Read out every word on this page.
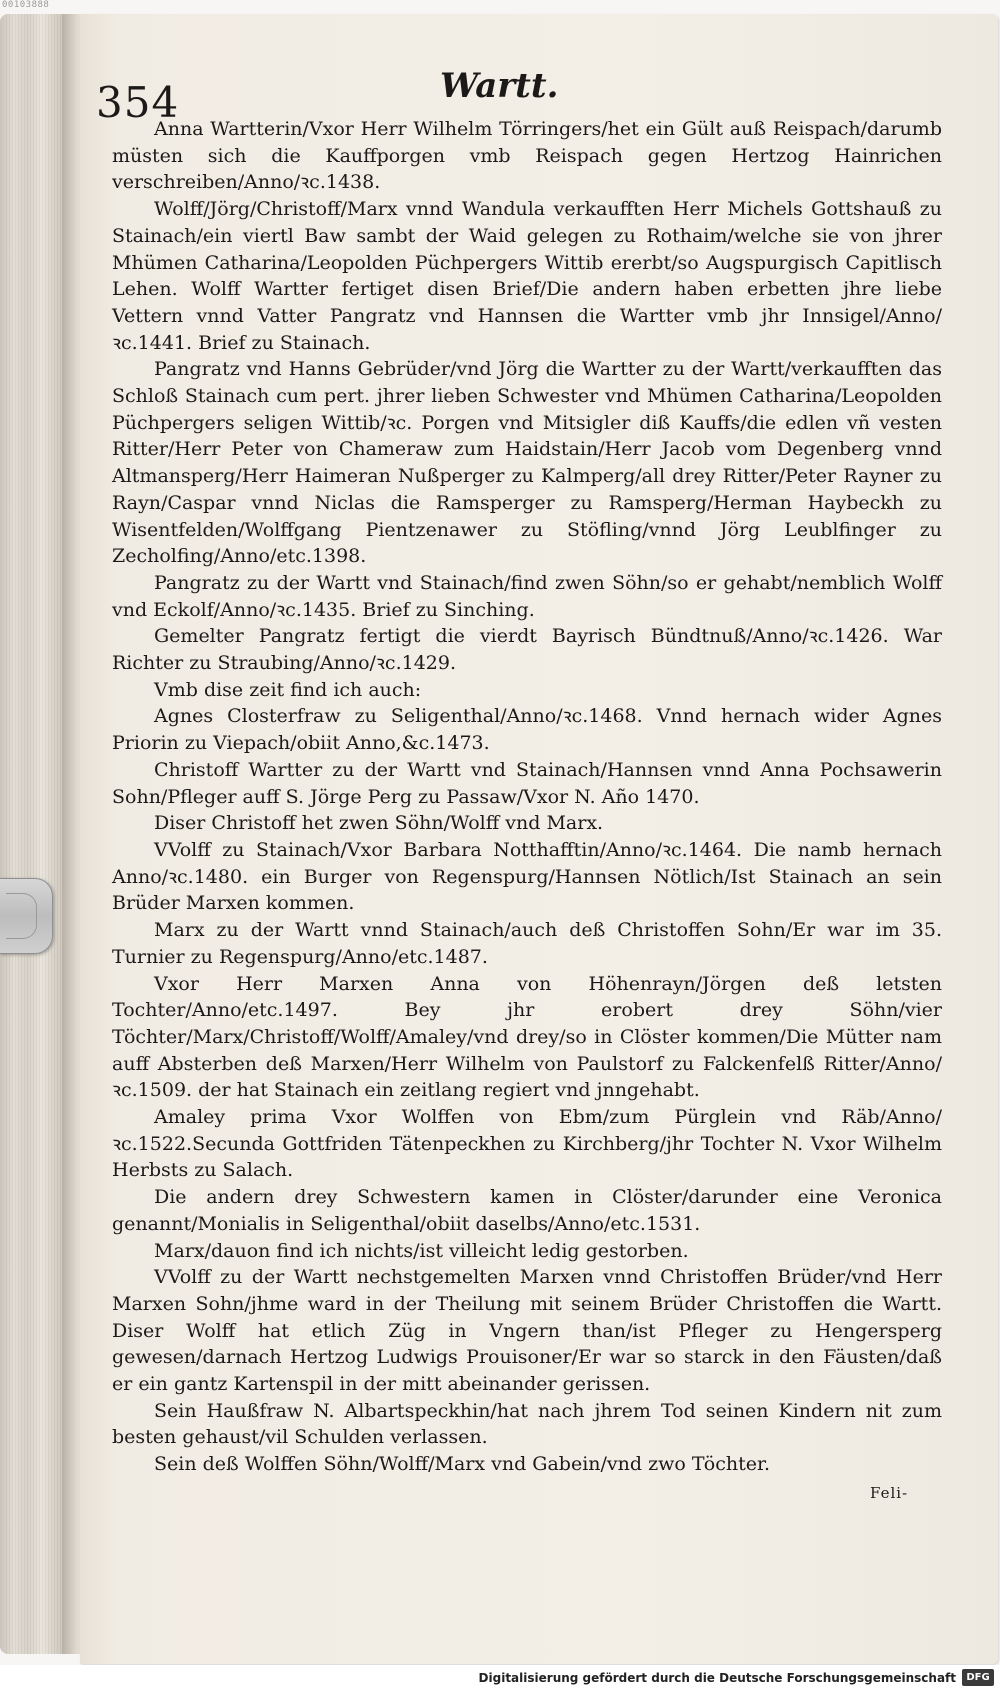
00103888
354	Wartt.

Anna Wartterin/Vxor Herr Wilhelm Törringers/het ein Gült auß Reispach/darumb müsten sich die Kauffporgen vmb Reispach gegen Hertzog Hainrichen verschreiben/Anno/ꝛc.1438.

Wolff/Jörg/Christoff/Marx vnnd Wandula verkaufften Herr Michels Gottshauß zu Stainach/ein viertl Baw sambt der Waid gelegen zu Rothaim/welche sie von jhrer Mhümen Catharina/Leopolden Püchpergers Wittib ererbt/so Augspurgisch Capitlisch Lehen. Wolff Wartter fertiget disen Brief/Die andern haben erbetten jhre liebe Vettern vnnd Vatter Pangratz vnd Hannsen die Wartter vmb jhr Innsigel/Anno/ꝛc.1441. Brief zu Stainach.

Pangratz vnd Hanns Gebrüder/vnd Jörg die Wartter zu der Wartt/verkaufften das Schloß Stainach cum pert. jhrer lieben Schwester vnd Mhümen Catharina/Leopolden Püchpergers seligen Wittib/ꝛc. Porgen vnd Mitsigler diß Kauffs/die edlen vñ vesten Ritter/Herr Peter von Chameraw zum Haidstain/Herr Jacob vom Degenberg vnnd Altmansperg/Herr Haimeran Nußperger zu Kalmperg/all drey Ritter/Peter Rayner zu Rayn/Caspar vnnd Niclas die Ramsperger zu Ramsperg/Herman Haybeckh zu Wisentfelden/Wolffgang Pientzenawer zu Stöfling/vnnd Jörg Leublfinger zu Zecholfing/Anno/etc.1398.

Pangratz zu der Wartt vnd Stainach/find zwen Söhn/so er gehabt/nemblich Wolff vnd Eckolf/Anno/ꝛc.1435. Brief zu Sinching.

Gemelter Pangratz fertigt die vierdt Bayrisch Bündtnuß/Anno/ꝛc.1426. War Richter zu Straubing/Anno/ꝛc.1429.

Vmb dise zeit find ich auch:

Agnes Closterfraw zu Seligenthal/Anno/ꝛc.1468. Vnnd hernach wider Agnes Priorin zu Viepach/obiit Anno,&c.1473.

Christoff Wartter zu der Wartt vnd Stainach/Hannsen vnnd Anna Pochsawerin Sohn/Pfleger auff S. Jörge Perg zu Passaw/Vxor N. Año 1470.

Diser Christoff het zwen Söhn/Wolff vnd Marx.

VVolff zu Stainach/Vxor Barbara Notthafftin/Anno/ꝛc.1464. Die namb hernach Anno/ꝛc.1480. ein Burger von Regenspurg/Hannsen Nötlich/Ist Stainach an sein Brüder Marxen kommen.

Marx zu der Wartt vnnd Stainach/auch deß Christoffen Sohn/Er war im 35. Turnier zu Regenspurg/Anno/etc.1487.

Vxor Herr Marxen Anna von Höhenrayn/Jörgen deß letsten Tochter/Anno/etc.1497. Bey jhr erobert drey Söhn/vier Töchter/Marx/Christoff/Wolff/Amaley/vnd drey/so in Clöster kommen/Die Mütter nam auff Absterben deß Marxen/Herr Wilhelm von Paulstorf zu Falckenfelß Ritter/Anno/ꝛc.1509. der hat Stainach ein zeitlang regiert vnd jnngehabt.

Amaley prima Vxor Wolffen von Ebm/zum Pürglein vnd Räb/Anno/ꝛc.1522.Secunda Gottfriden Tätenpeckhen zu Kirchberg/jhr Tochter N. Vxor Wilhelm Herbsts zu Salach.

Die andern drey Schwestern kamen in Clöster/darunder eine Veronica genannt/Monialis in Seligenthal/obiit daselbs/Anno/etc.1531.

Marx/dauon find ich nichts/ist villeicht ledig gestorben.

VVolff zu der Wartt nechstgemelten Marxen vnnd Christoffen Brüder/vnd Herr Marxen Sohn/jhme ward in der Theilung mit seinem Brüder Christoffen die Wartt. Diser Wolff hat etlich Züg in Vngern than/ist Pfleger zu Hengersperg gewesen/darnach Hertzog Ludwigs Prouisoner/Er war so starck in den Fäusten/daß er ein gantz Kartenspil in der mitt abeinander gerissen.

Sein Haußfraw N. Albartspeckhin/hat nach jhrem Tod seinen Kindern nit zum besten gehaust/vil Schulden verlassen.

Sein deß Wolffen Söhn/Wolff/Marx vnd Gabein/vnd zwo Töchter.

Feli-
Digitalisierung gefördert durch die Deutsche Forschungsgemeinschaft	DFG
